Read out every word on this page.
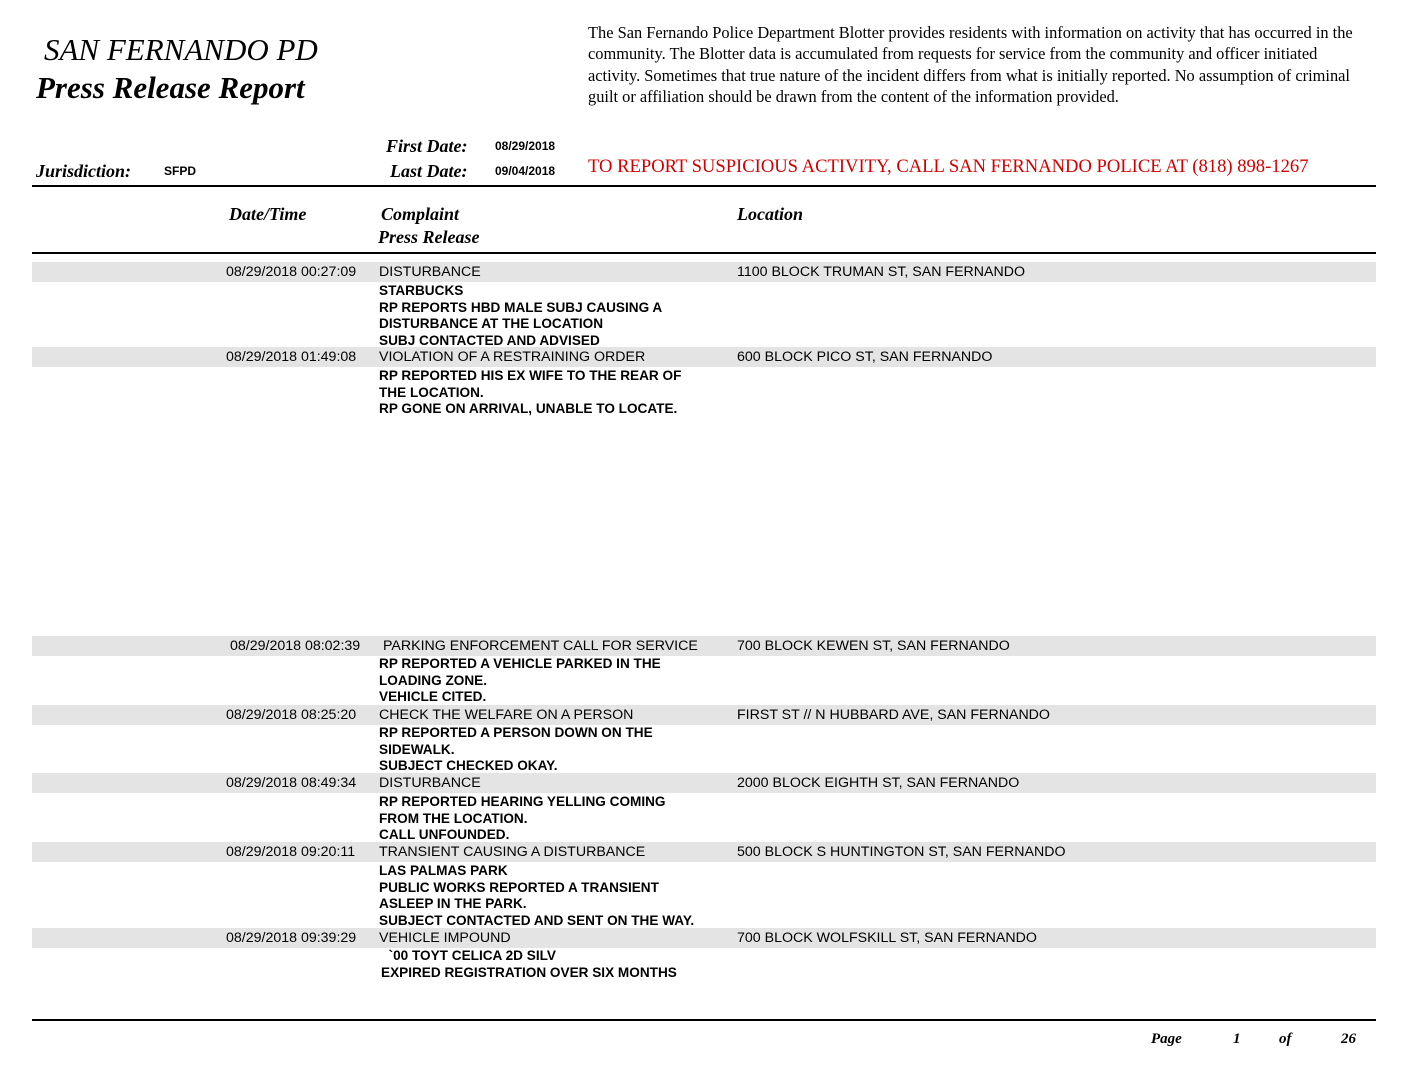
SAN FERNANDO PD
Press Release Report
The San Fernando Police Department Blotter provides residents with information on activity that has occurred in the community. The Blotter data is accumulated from requests for service from the community and officer initiated activity. Sometimes that true nature of the incident differs from what is initially reported. No assumption of criminal guilt or affiliation should be drawn from the content of the information provided.
First Date: 08/29/2018
Jurisdiction:	SFPD	Last Date: 09/04/2018 TO REPORT SUSPICIOUS ACTIVITY, CALL SAN FERNANDO POLICE AT (818) 898-1267
Date/Time	Complaint
Press Release
Location
08/29/2018 00:27:09 DISTURBANCE	1100 BLOCK TRUMAN ST, SAN FERNANDO
STARBUCKS
RP REPORTS HBD MALE SUBJ CAUSING A
DISTURBANCE AT THE LOCATION
SUBJ CONTACTED AND ADVISED
08/29/2018 01:49:08 VIOLATION OF A RESTRAINING ORDER	600 BLOCK PICO ST, SAN FERNANDO
RP REPORTED HIS EX WIFE TO THE REAR OF
THE LOCATION.
RP GONE ON ARRIVAL, UNABLE TO LOCATE.
08/29/2018 08:02:39 PARKING ENFORCEMENT CALL FOR SERVICE	700 BLOCK KEWEN ST, SAN FERNANDO
RP REPORTED A VEHICLE PARKED IN THE
LOADING ZONE.
VEHICLE CITED.
08/29/2018 08:25:20 CHECK THE WELFARE ON A PERSON	FIRST ST // N HUBBARD AVE, SAN FERNANDO
RP REPORTED A PERSON DOWN ON THE
SIDEWALK.
SUBJECT CHECKED OKAY.
08/29/2018 08:49:34 DISTURBANCE	2000 BLOCK EIGHTH ST, SAN FERNANDO
RP REPORTED HEARING YELLING COMING
FROM THE LOCATION.
CALL UNFOUNDED.
08/29/2018 09:20:11 TRANSIENT CAUSING A DISTURBANCE	500 BLOCK S HUNTINGTON ST, SAN FERNANDO
LAS PALMAS PARK
PUBLIC WORKS REPORTED A TRANSIENT
ASLEEP IN THE PARK.
SUBJECT CONTACTED AND SENT ON THE WAY.
08/29/2018 09:39:29 VEHICLE IMPOUND	700 BLOCK WOLFSKILL ST, SAN FERNANDO
`00 TOYT CELICA 2D SILV
EXPIRED REGISTRATION OVER SIX MONTHS
Page	1	of	26
